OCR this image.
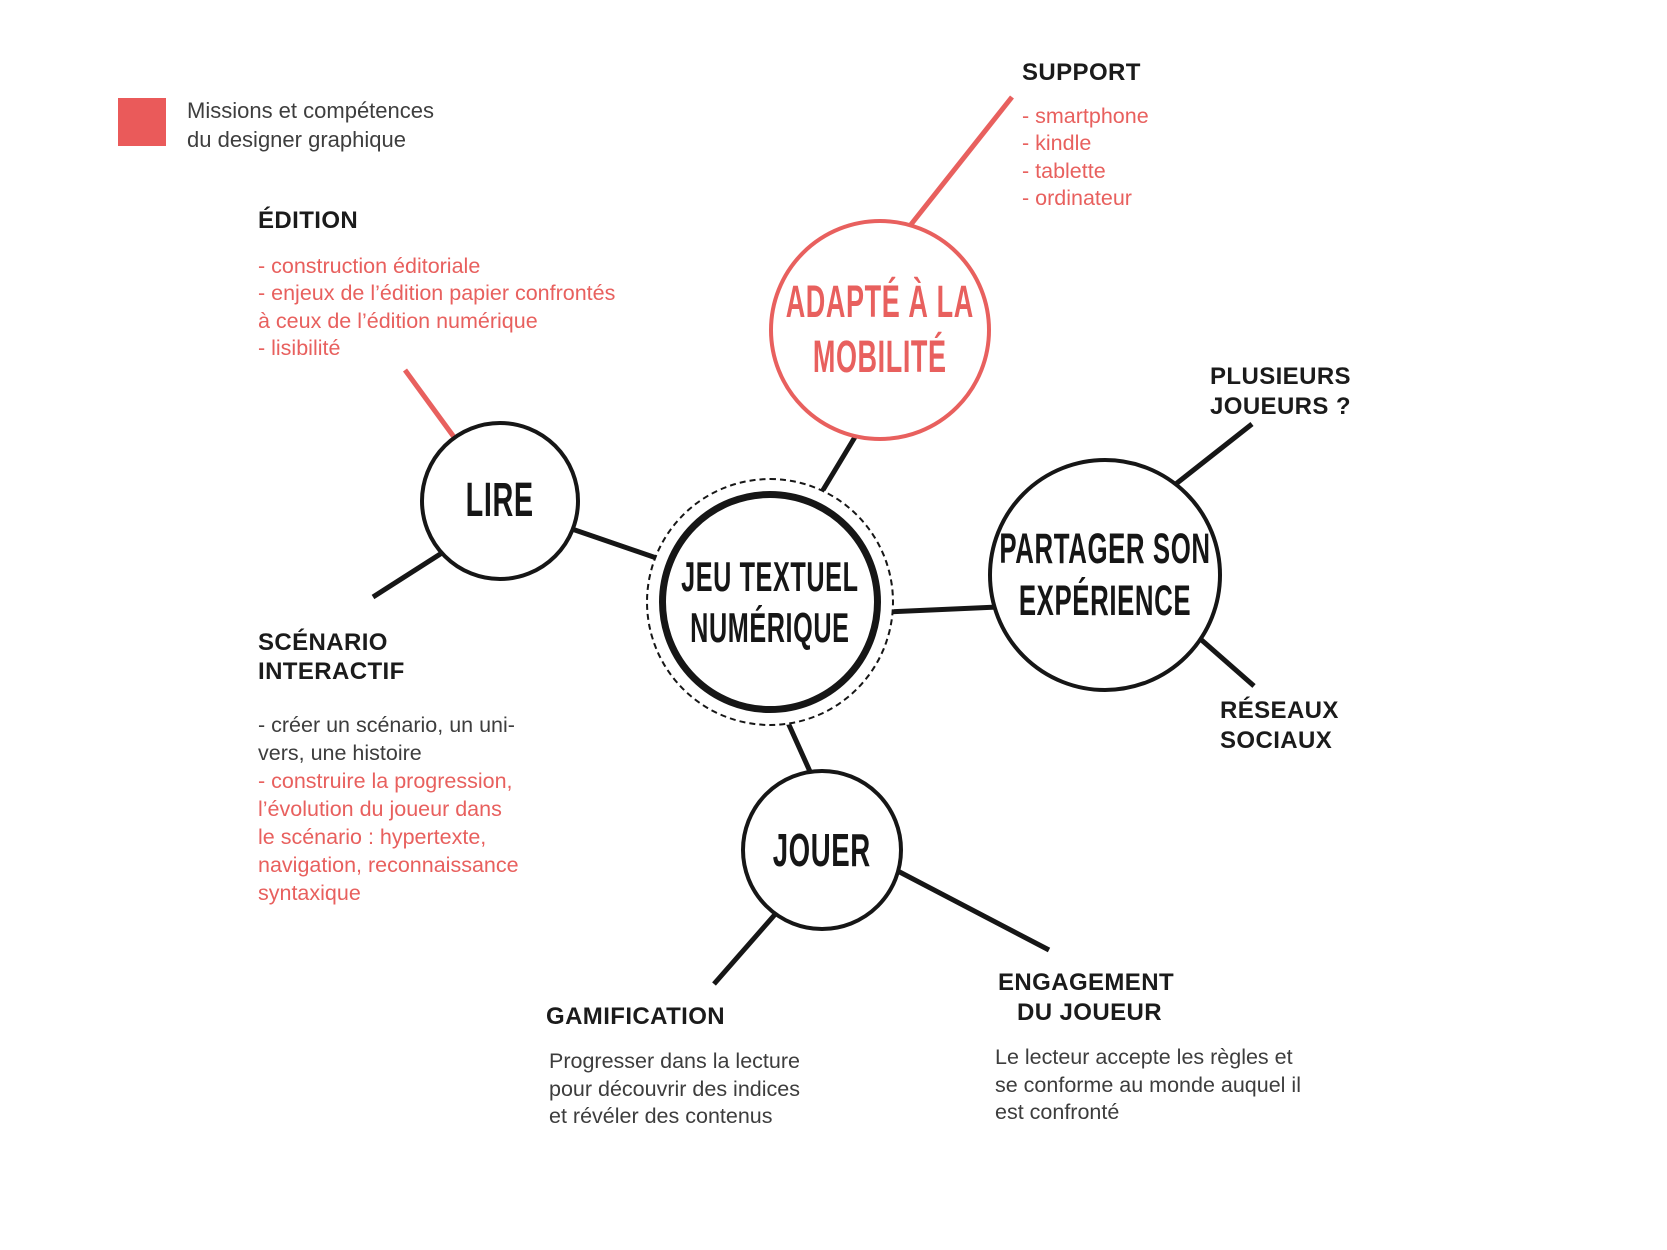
Missions et compétences
du designer graphique
SUPPORT
- smartphone
- kindle
- tablette
- ordinateur
ÉDITION
- construction éditoriale
- enjeux de l’édition papier confrontés
à ceux de l’édition numérique
- lisibilité
ADAPTÉ À LA
MOBILITÉ
JEU TEXTUEL
NUMÉRIQUE
LIRE
PARTAGER SON
EXPÉRIENCE
JOUER
PLUSIEURS
JOUEURS ?
RÉSEAUX
SOCIAUX
SCÉNARIO
INTERACTIF
- créer un scénario, un uni-
vers, une histoire
- construire la progression,
l’évolution du joueur dans
le scénario : hypertexte,
navigation, reconnaissance
syntaxique
GAMIFICATION
Progresser dans la lecture
pour découvrir des indices
et révéler des contenus
ENGAGEMENT
DU JOUEUR
Le lecteur accepte les règles et
se conforme au monde auquel il
est confronté
